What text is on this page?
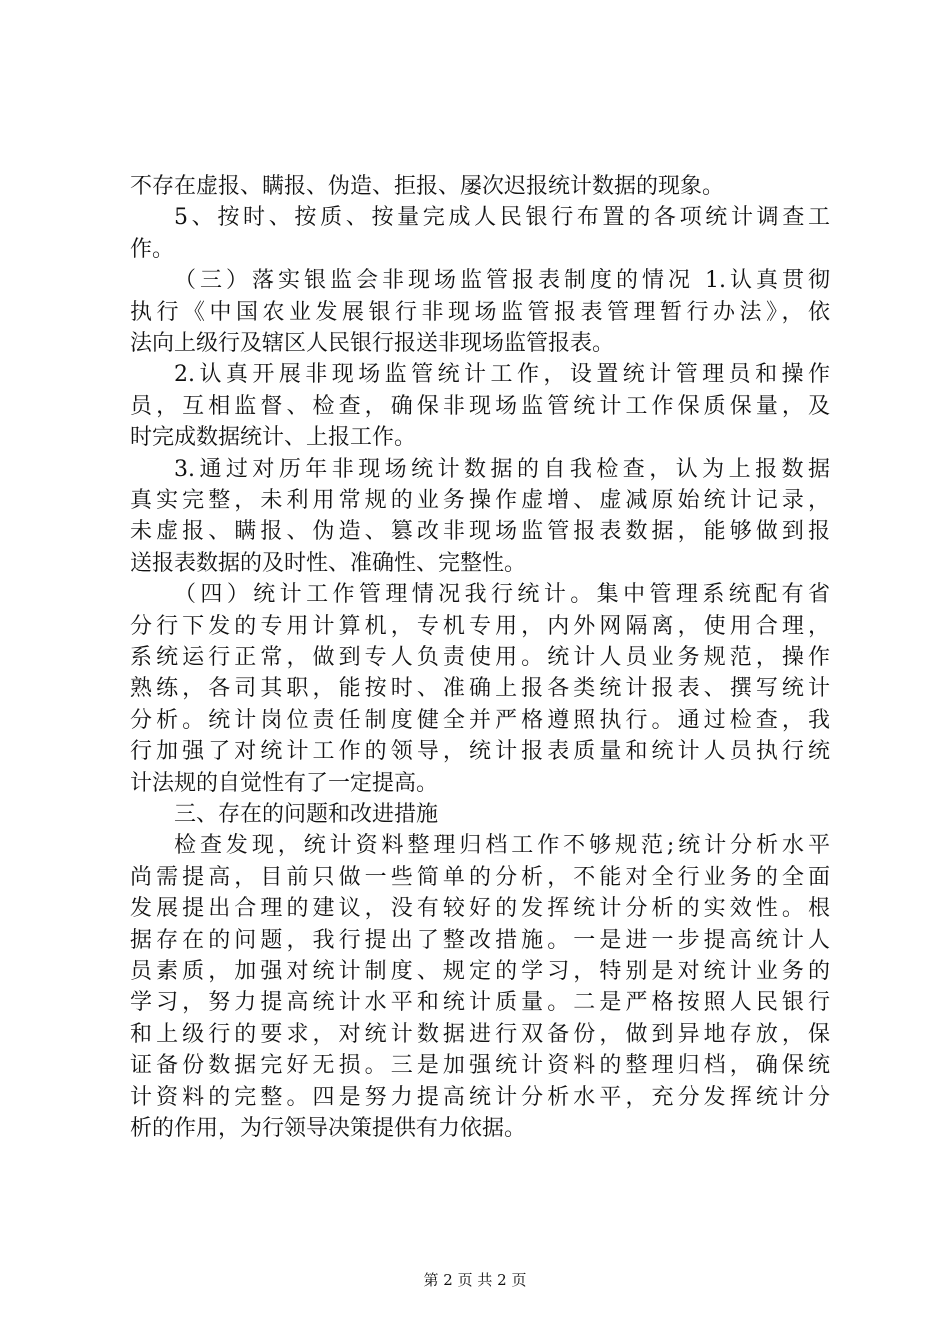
不存在虚报、瞒报、伪造、拒报、屡次迟报统计数据的现象。
5、按时、按质、按量完成人民银行布置的各项统计调查工
作。
（三）落实银监会非现场监管报表制度的情况 1.认真贯彻
执行《中国农业发展银行非现场监管报表管理暂行办法》，依
法向上级行及辖区人民银行报送非现场监管报表。
2.认真开展非现场监管统计工作，设置统计管理员和操作
员，互相监督、检查，确保非现场监管统计工作保质保量，及
时完成数据统计、上报工作。
3.通过对历年非现场统计数据的自我检查，认为上报数据
真实完整，未利用常规的业务操作虚增、虚减原始统计记录，
未虚报、瞒报、伪造、篡改非现场监管报表数据，能够做到报
送报表数据的及时性、准确性、完整性。
（四）统计工作管理情况我行统计。集中管理系统配有省
分行下发的专用计算机，专机专用，内外网隔离，使用合理，
系统运行正常，做到专人负责使用。统计人员业务规范，操作
熟练，各司其职，能按时、准确上报各类统计报表、撰写统计
分析。统计岗位责任制度健全并严格遵照执行。通过检查，我
行加强了对统计工作的领导，统计报表质量和统计人员执行统
计法规的自觉性有了一定提高。
三、存在的问题和改进措施
检查发现，统计资料整理归档工作不够规范;统计分析水平
尚需提高，目前只做一些简单的分析，不能对全行业务的全面
发展提出合理的建议，没有较好的发挥统计分析的实效性。根
据存在的问题，我行提出了整改措施。一是进一步提高统计人
员素质，加强对统计制度、规定的学习，特别是对统计业务的
学习，努力提高统计水平和统计质量。二是严格按照人民银行
和上级行的要求，对统计数据进行双备份，做到异地存放，保
证备份数据完好无损。三是加强统计资料的整理归档，确保统
计资料的完整。四是努力提高统计分析水平，充分发挥统计分
析的作用，为行领导决策提供有力依据。
第 2 页 共 2 页
